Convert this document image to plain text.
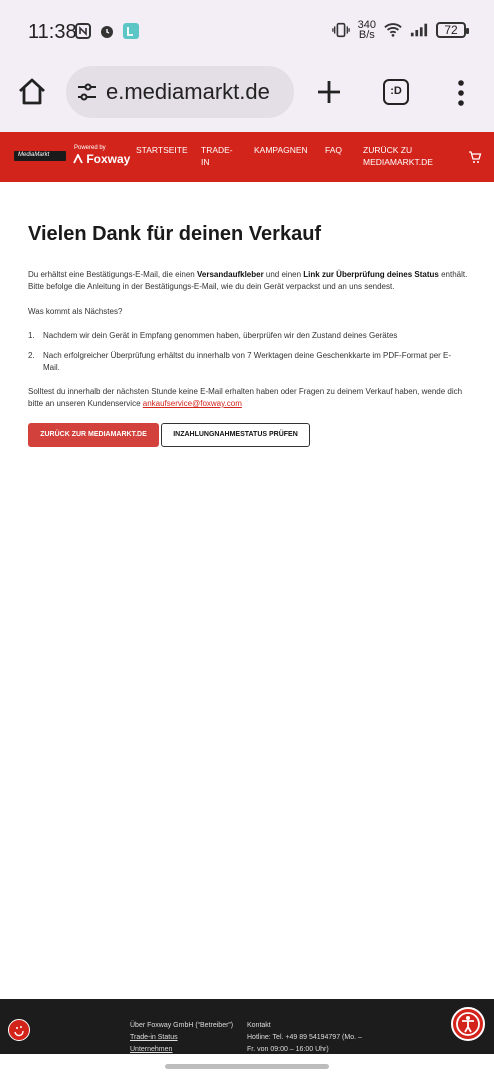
11:38	340
B/s	72
e.mediamarkt.de	:D
MediaMarkt
Powered by
Foxway
STARTSEITE TRADE-
IN
KAMPAGNEN FAQ ZURÜCK ZU
MEDIAMARKT.DE
Vielen Dank für deinen Verkauf

Du erhältst eine Bestätigungs-E-Mail, die einen Versandaufkleber und einen Link zur Überprüfung deines Status enthält. Bitte befolge die Anleitung in der Bestätigungs-E-Mail, wie du dein Gerät verpackst und an uns sendest.

Was kommt als Nächstes?

1. Nachdem wir dein Gerät in Empfang genommen haben, überprüfen wir den Zustand deines Gerätes
2. Nach erfolgreicher Überprüfung erhältst du innerhalb von 7 Werktagen deine Geschenkkarte im PDF-Format per E-Mail.

Solltest du innerhalb der nächsten Stunde keine E-Mail erhalten haben oder Fragen zu deinem Verkauf haben, wende dich bitte an unseren Kundenservice ankaufservice@foxway.com

ZURÜCK ZUR MEDIAMARKT.DE	INZAHLUNGNAHMESTATUS PRÜFEN
Über Foxway GmbH (“Betreiber”)
Trade-in Status
Unternehmen
Kontakt
Hotline: Tel. +49 89 54194797 (Mo. –
Fr. von 09:00 – 16:00 Uhr)
